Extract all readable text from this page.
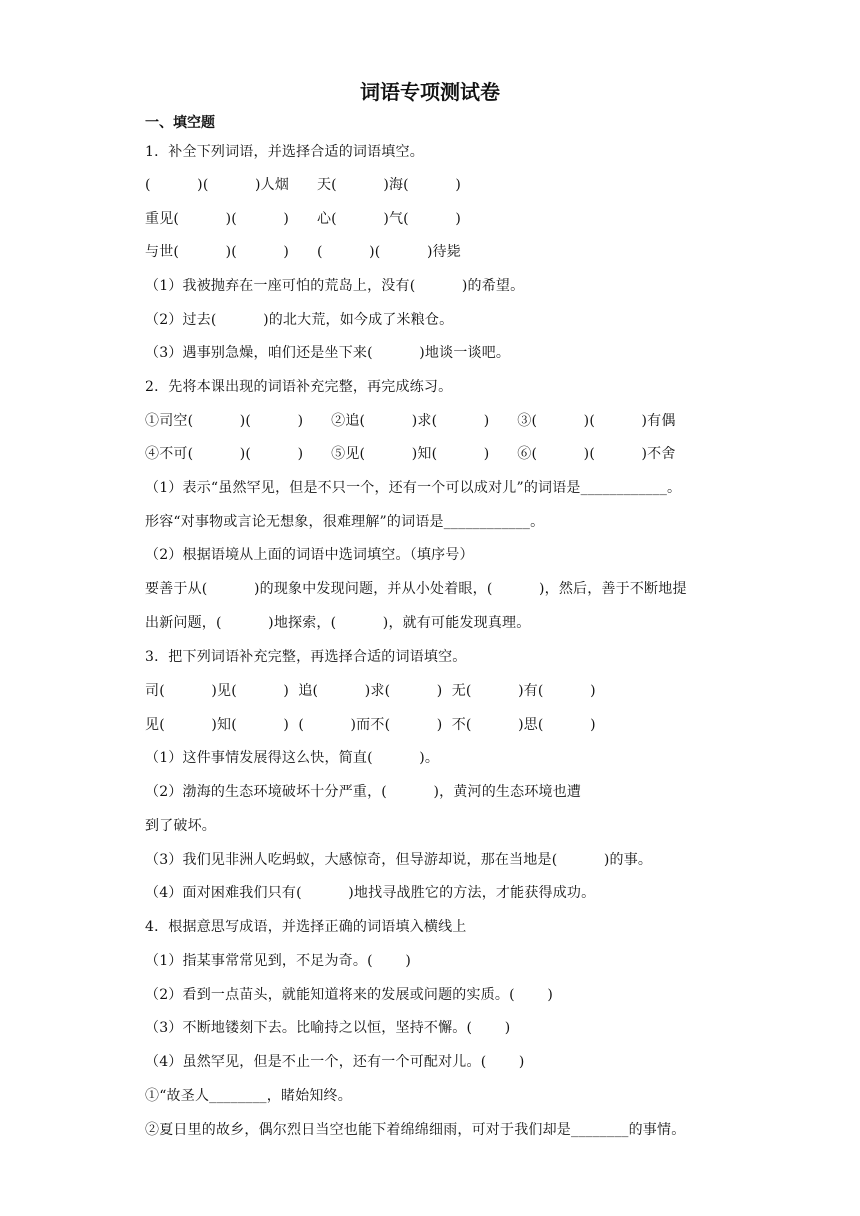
词语专项测试卷
一、填空题
1．补全下列词语，并选择合适的词语填空。
(          )(          )人烟      天(          )海(          )
重见(          )(          )      心(          )气(          )
与世(          )(          )      (          )(          )待毙
（1）我被抛弃在一座可怕的荒岛上，没有(          )的希望。
（2）过去(          )的北大荒，如今成了米粮仓。
（3）遇事别急燥，咱们还是坐下来(          )地谈一谈吧。
2．先将本课出现的词语补充完整，再完成练习。
①司空(          )(          )      ②追(          )求(          )      ③(          )(          )有偶
④不可(          )(          )      ⑤见(          )知(          )      ⑥(          )(          )不舍
（1）表示“虽然罕见，但是不只一个，还有一个可以成对儿”的词语是____________。
形容“对事物或言论无想象，很难理解”的词语是____________。
（2）根据语境从上面的词语中选词填空。（填序号）
要善于从(          )的现象中发现问题，并从小处着眼，(          )，然后，善于不断地提
出新问题，(          )地探索，(          )，就有可能发现真理。
3．把下列词语补充完整，再选择合适的词语填空。
司(          )见(          )  追(          )求(          )  无(          )有(          )
见(          )知(          )  (          )而不(          )  不(          )思(          )
（1）这件事情发展得这么快，简直(          )。
（2）渤海的生态环境破坏十分严重，(          )，黄河的生态环境也遭
到了破坏。
（3）我们见非洲人吃蚂蚁，大感惊奇，但导游却说，那在当地是(          )的事。
（4）面对困难我们只有(          )地找寻战胜它的方法，才能获得成功。
4．根据意思写成语，并选择正确的词语填入横线上
（1）指某事常常见到，不足为奇。(       )
（2）看到一点苗头，就能知道将来的发展或问题的实质。(       )
（3）不断地镂刻下去。比喻持之以恒，坚持不懈。(       )
（4）虽然罕见，但是不止一个，还有一个可配对儿。(       )
①“故圣人________，睹始知终。
②夏日里的故乡，偶尔烈日当空也能下着绵绵细雨，可对于我们却是________的事情。
